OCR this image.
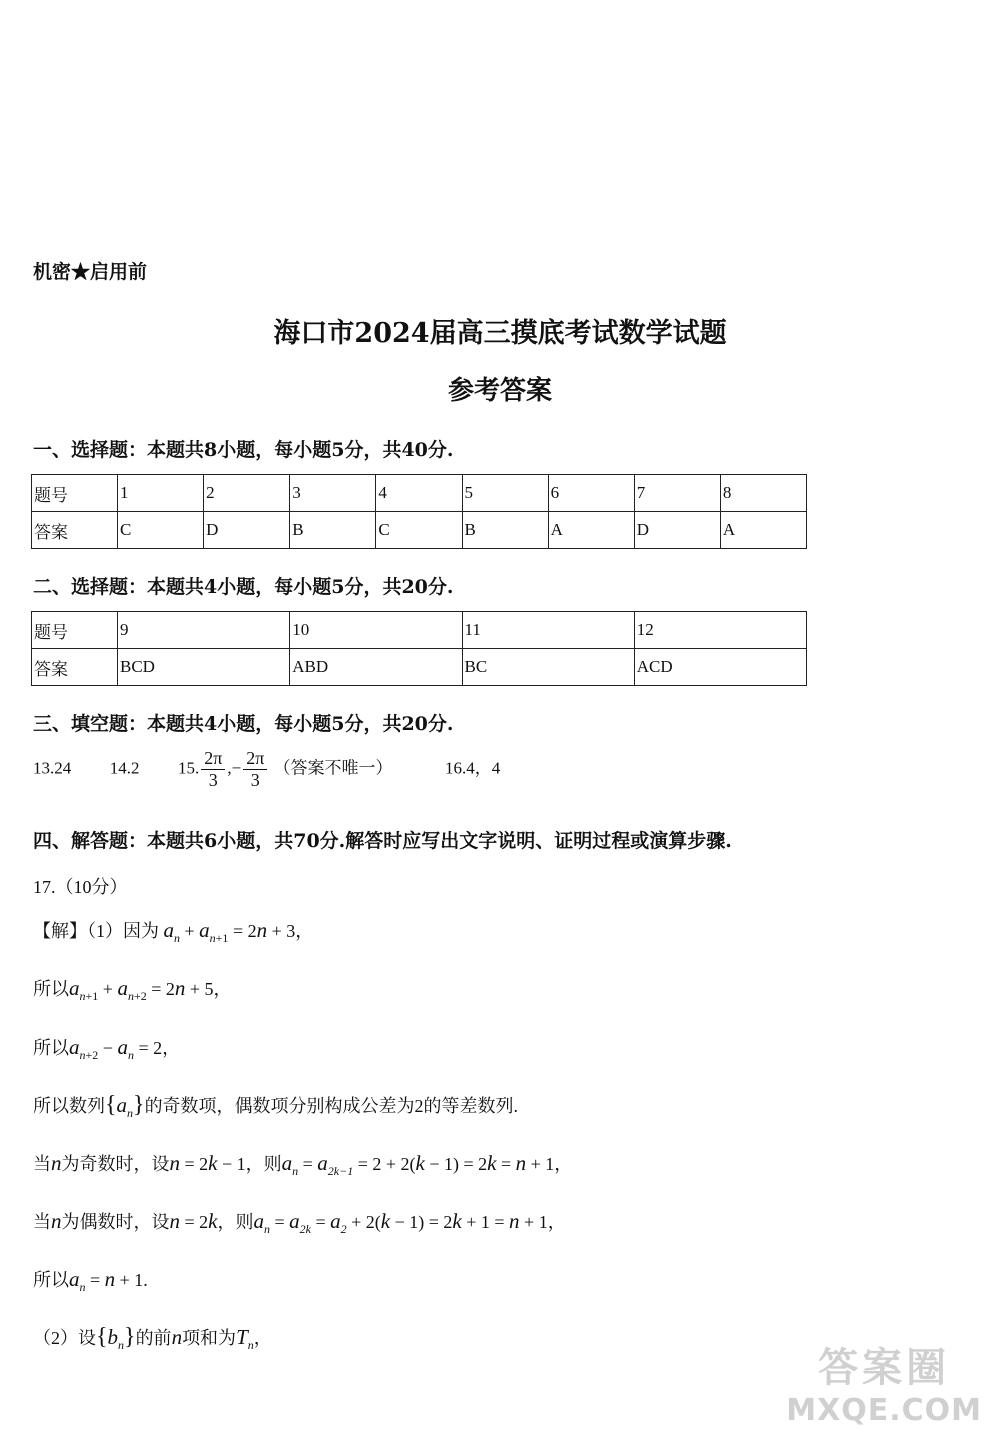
机密★启用前
海口市2024届高三摸底考试数学试题
参考答案
一、选择题：本题共8小题，每小题5分，共40分.
题号	1	2	3	4	5	6	7	8
答案	C	D	B	C	B	A	D	A
二、选择题：本题共4小题，每小题5分，共20分.
题号	9	10	11	12
答案	BCD	ABD	BC	ACD
三、填空题：本题共4小题，每小题5分，共20分.
13.24 14.2 15. $\frac{2\pi}{3}$ ,− $\frac{2\pi}{3}$ （答案不唯一）	16.4，4
四、解答题：本题共6小题，共70分.解答时应写出文字说明、证明过程或演算步骤.
17.（10分）
【解】（1）因为 $a_n + a_{n+1} = 2n + 3$，
所以$a_{n+1} + a_{n+2} = 2n + 5$，
所以$a_{n+2} - a_n = 2$，
所以数列$\{a_n\}$的奇数项，偶数项分别构成公差为2的等差数列.
当n为奇数时，设n = 2k − 1，则$a_n = a_{2k-1} = 2 + 2(k - 1) = 2k = n + 1$，
当n为偶数时，设n = 2k，则$a_n = a_{2k} = a_2 + 2(k - 1) = 2k + 1 = n + 1$，
所以$a_n = n + 1$.
（2）设$\{b_n\}$的前n项和为$T_n$，
答案圈
MXQE.COM
